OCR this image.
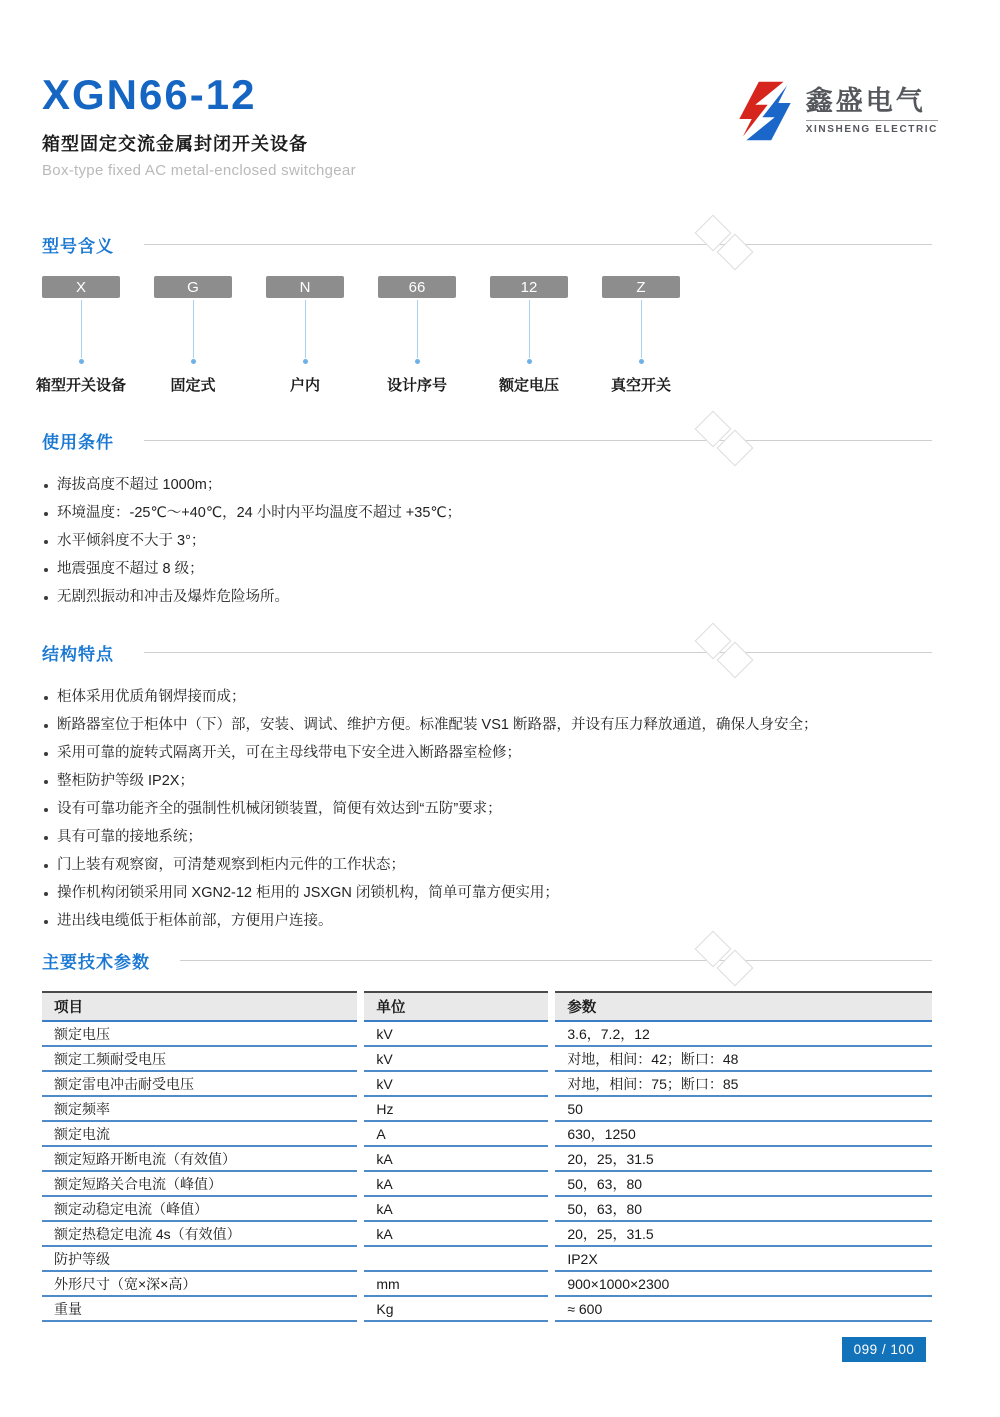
XGN66-12
箱型固定交流金属封闭开关设备
Box-type fixed AC metal-enclosed switchgear
鑫盛电气
XINSHENG ELECTRIC
型号含义
X
箱型开关设备
G
固定式
N
户内
66
设计序号
12
额定电压
Z
真空开关
使用条件
海拔高度不超过 1000m；
环境温度：-25℃～+40℃，24 小时内平均温度不超过 +35℃；
水平倾斜度不大于 3°；
地震强度不超过 8 级；
无剧烈振动和冲击及爆炸危险场所。
结构特点
柜体采用优质角钢焊接而成；
断路器室位于柜体中（下）部，安装、调试、维护方便。标准配装 VS1 断路器，并设有压力释放通道，确保人身安全；
采用可靠的旋转式隔离开关，可在主母线带电下安全进入断路器室检修；
整柜防护等级 IP2X；
设有可靠功能齐全的强制性机械闭锁装置，简便有效达到“五防”要求；
具有可靠的接地系统；
门上装有观察窗，可清楚观察到柜内元件的工作状态；
操作机构闭锁采用同 XGN2-12 柜用的 JSXGN 闭锁机构，简单可靠方便实用；
进出线电缆低于柜体前部，方便用户连接。
主要技术参数
项目	单位	参数
额定电压	kV	3.6，7.2，12
额定工频耐受电压	kV	对地，相间：42；断口：48
额定雷电冲击耐受电压	kV	对地，相间：75；断口：85
额定频率	Hz	50
额定电流	A	630，1250
额定短路开断电流（有效值）	kA	20，25，31.5
额定短路关合电流（峰值）	kA	50，63，80
额定动稳定电流（峰值）	kA	50，63，80
额定热稳定电流 4s（有效值）	kA	20，25，31.5
防护等级		IP2X
外形尺寸（宽×深×高）	mm	900×1000×2300
重量	Kg	≈ 600
099 / 100
